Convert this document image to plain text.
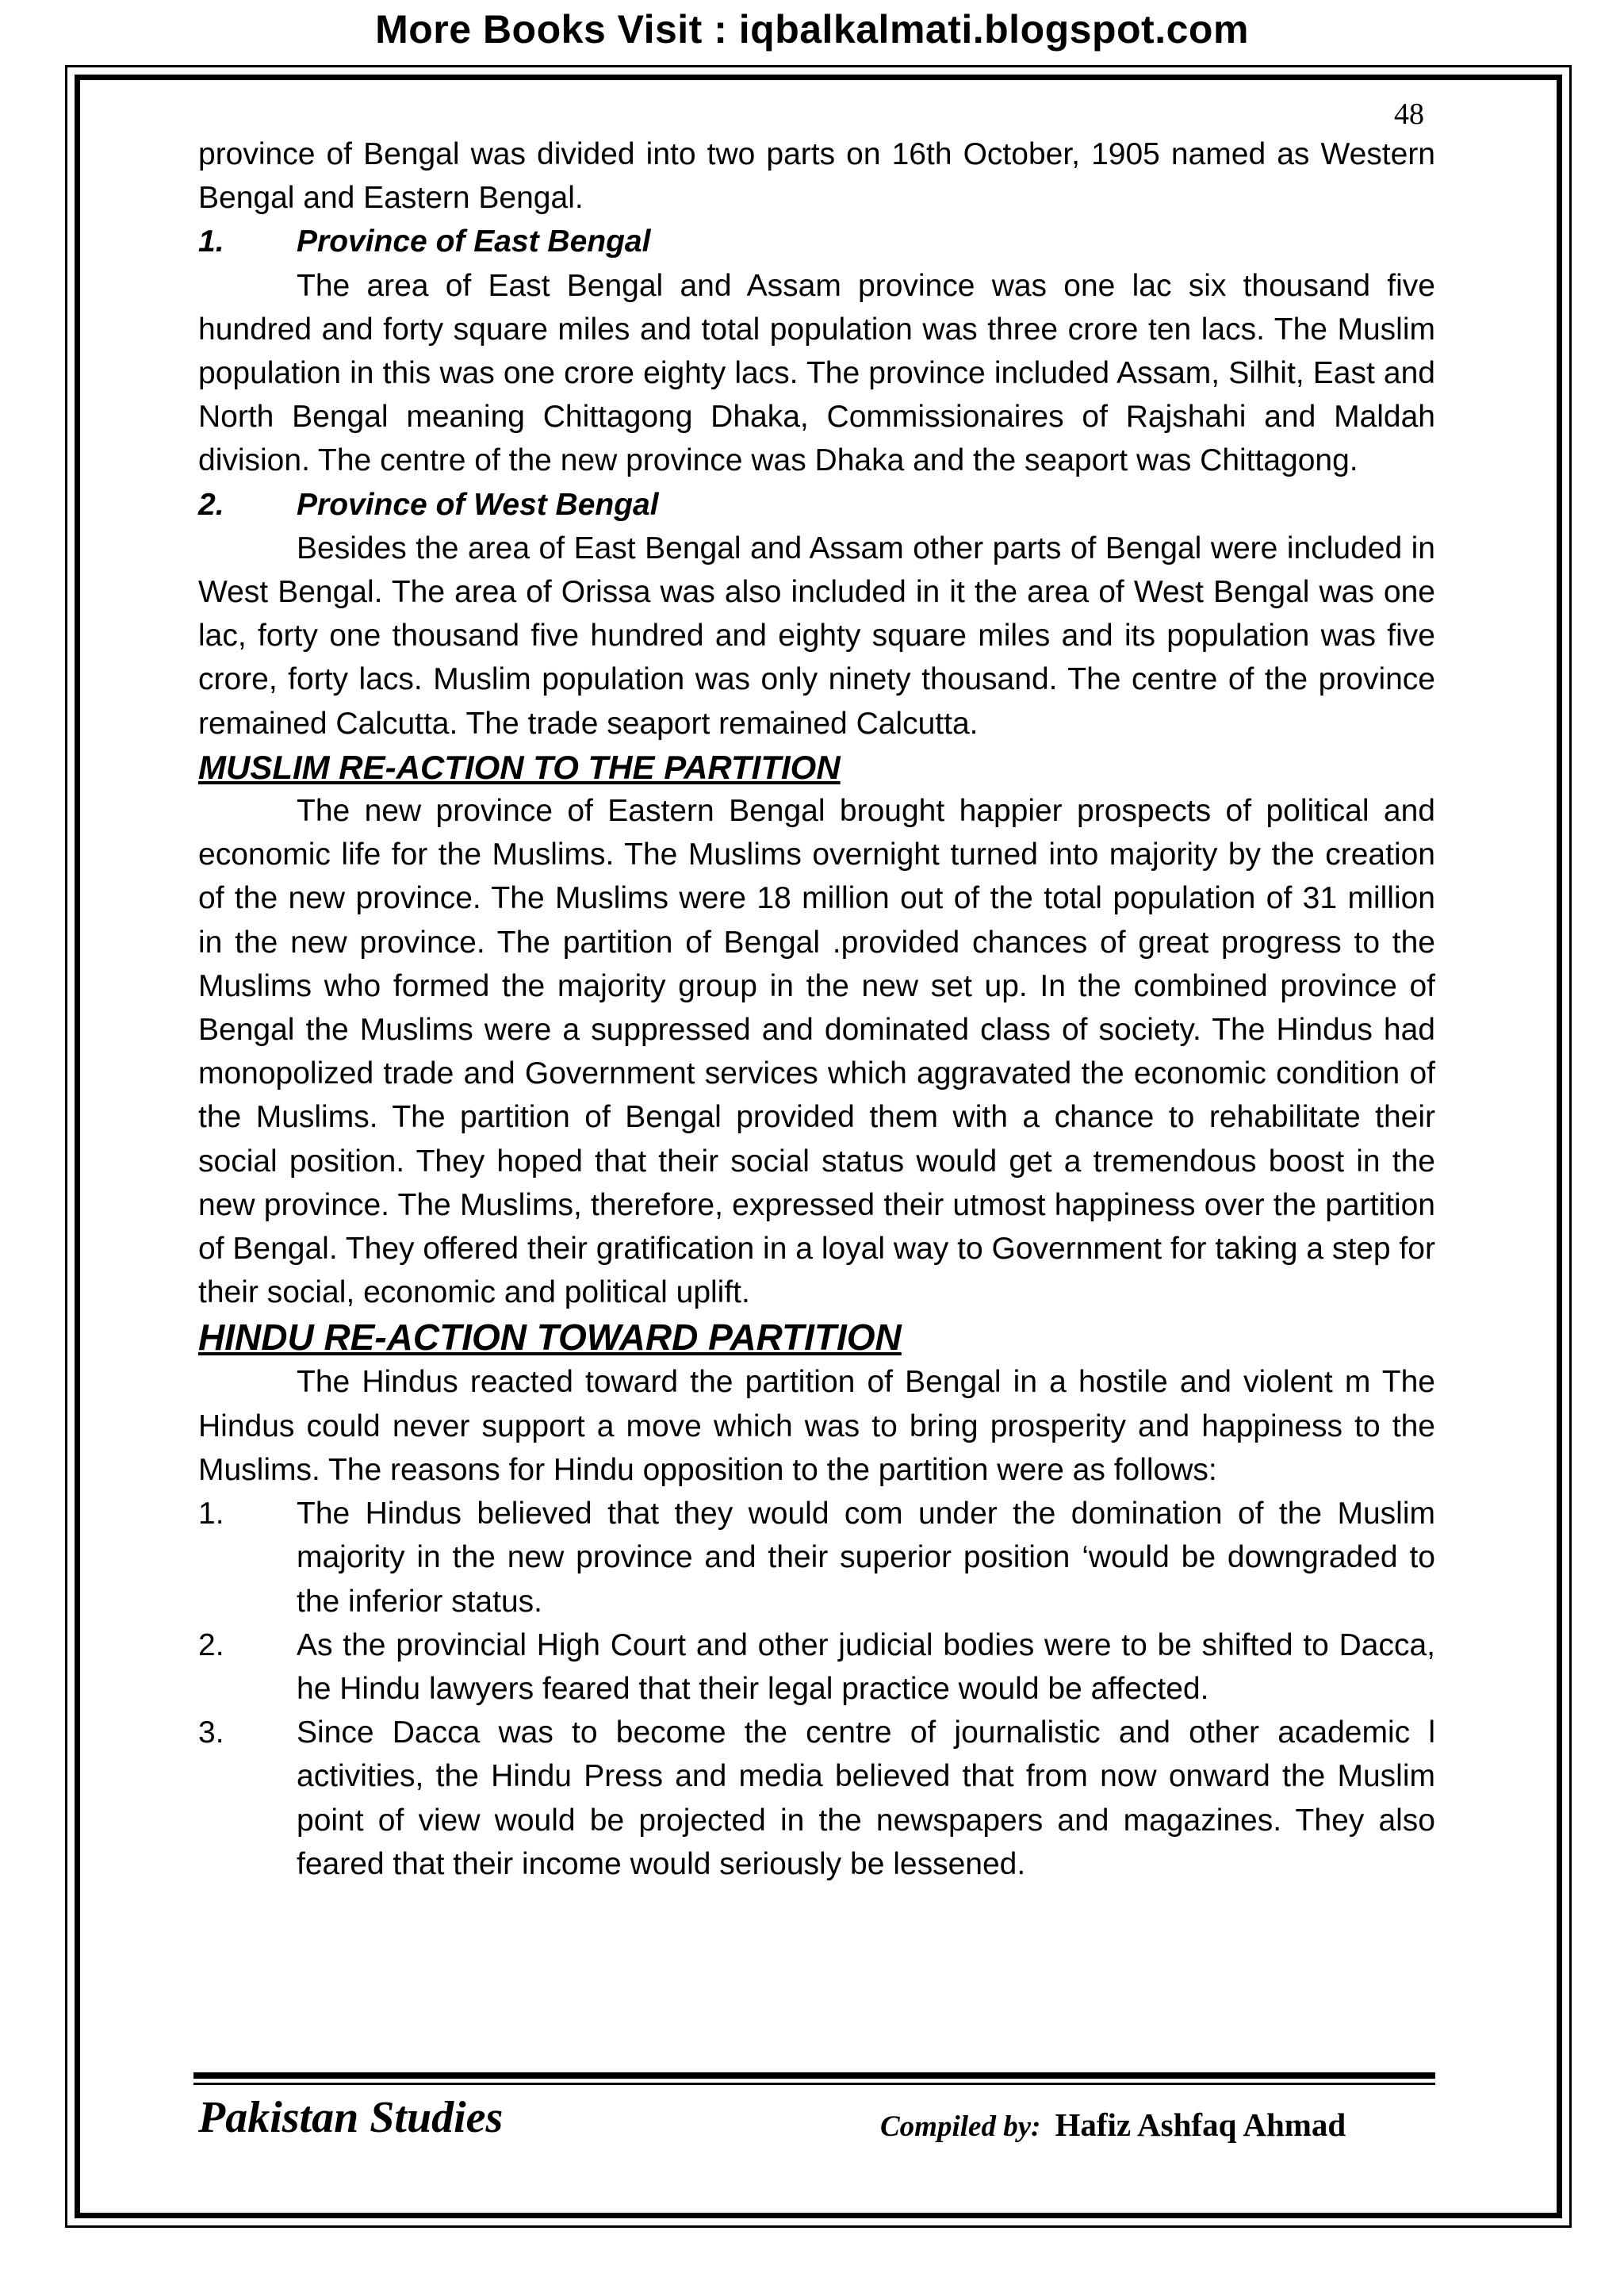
More Books Visit : iqbalkalmati.blogspot.com
48

province of Bengal was divided into two parts on 16th October, 1905 named as Western Bengal and Eastern Bengal.

1.	Province of East Bengal

The area of East Bengal and Assam province was one lac six thousand five hundred and forty square miles and total population was three crore ten lacs. The Muslim population in this was one crore eighty lacs. The province included Assam, Silhit, East and North Bengal meaning Chittagong Dhaka, Commissionaires of Rajshahi and Maldah division. The centre of the new province was Dhaka and the seaport was Chittagong.

2.	Province of West Bengal

Besides the area of East Bengal and Assam other parts of Bengal were included in West Bengal. The area of Orissa was also included in it the area of West Bengal was one lac, forty one thousand five hundred and eighty square miles and its population was five crore, forty lacs. Muslim population was only ninety thousand. The centre of the province remained Calcutta. The trade seaport remained Calcutta.

MUSLIM RE-ACTION TO THE PARTITION

The new province of Eastern Bengal brought happier prospects of political and economic life for the Muslims. The Muslims overnight turned into majority by the creation of the new province. The Muslims were 18 million out of the total population of 31 million in the new province. The partition of Bengal .provided chances of great progress to the Muslims who formed the majority group in the new set up. In the combined province of Bengal the Muslims were a suppressed and dominated class of society. The Hindus had monopolized trade and Government services which aggravated the economic condition of the Muslims. The partition of Bengal provided them with a chance to rehabilitate their social position. They hoped that their social status would get a tremendous boost in the new province. The Muslims, therefore, expressed their utmost happiness over the partition of Bengal. They offered their gratification in a loyal way to Government for taking a step for their social, economic and political uplift.

HINDU RE-ACTION TOWARD PARTITION

The Hindus reacted toward the partition of Bengal in a hostile and violent m The Hindus could never support a move which was to bring prosperity and happiness to the Muslims. The reasons for Hindu opposition to the partition were as follows:

1.	The Hindus believed that they would com under the domination of the Muslim majority in the new province and their superior position ‘would be downgraded to the inferior status.
2.	As the provincial High Court and other judicial bodies were to be shifted to Dacca, he Hindu lawyers feared that their legal practice would be affected.
3.	Since Dacca was to become the centre of journalistic and other academic l activities, the Hindu Press and media believed that from now onward the Muslim point of view would be projected in the newspapers and magazines. They also feared that their income would seriously be lessened.
Pakistan Studies	Compiled by: Hafiz Ashfaq Ahmad
